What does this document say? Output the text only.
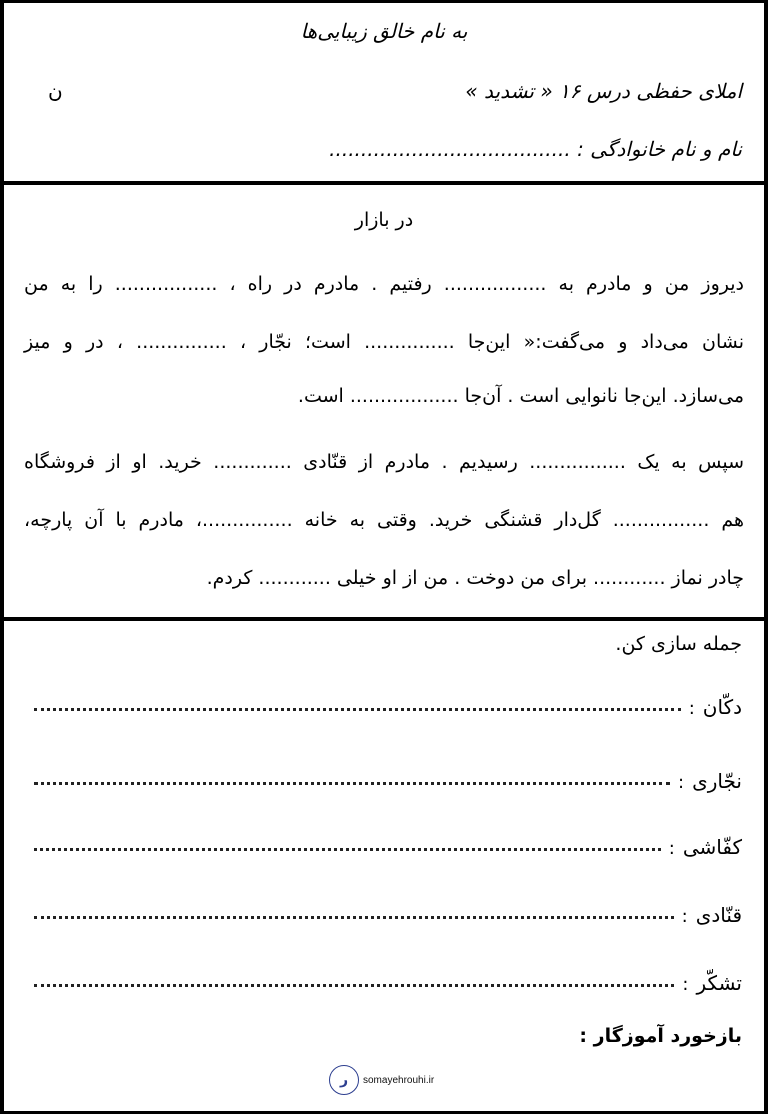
به نام خالق زیبایی‌ها
املای حفظی درس ۱۶ « تشدید »
ن
نام و نام خانوادگی : ......................................
در بازار
دیروز من و مادرم به ................. رفتیم . مادرم در راه ، ................. را به من
نشان می‌داد و می‌گفت:« این‌جا ............... است؛ نجّار ، ............... ، در و میز
می‌سازد. این‌جا نانوایی است . آن‌جا .................. است.
سپس به یک ................ رسیدیم . مادرم از قنّادی ............. خرید. او از فروشگاه
هم ................ گل‌دار قشنگی خرید. وقتی به خانه ...............، مادرم با آن پارچه،
چادر نماز ............ برای من دوخت . من از او خیلی ............ کردم.
جمله سازی کن.
دکّان
:
نجّاری
:
کفّاشی
:
قنّادی
:
تشکّر
:
بازخورد آموزگار :
ر	somayehrouhi.ir
